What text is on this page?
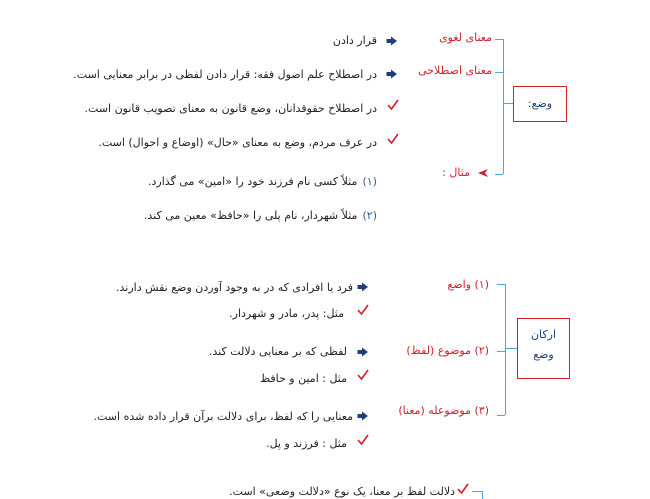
وضع:
معنای لغوی
معنای اصطلاحی
مثال :
قرار دادن
در اصطلاح علم اصول فقه: قرار دادن لفظی در برابر معنایی است.
در اصطلاح حقوقدانان، وضع قانون به معنای تصویب قانون است.
در عرف مردم، وضع به معنای «حال» (اوضاع و احوال) است.
(۱) مثلاً کسی نام فرزند خود را «امین» می گذارد.
(۲) مثلاً شهردار، نام پلی را «حافظ» معین می کند.
ارکان
وضع
(۱) واضع
(۲) موضوع (لفظ)
(۳) موضوعله (معنا)
فرد یا افرادی که در به وجود آوردن وضع نقش دارند.
مثل: پدر، مادر و شهردار.
لفظی که بر معنایی دلالت کند.
مثل : امین و حافظ
معنایی را که لفظ، برای دلالت برآن قرار داده شده است.
مثل : فرزند و پل.
دلالت لفظ بر معنا، یک نوع «دلالت وضعی» است.
